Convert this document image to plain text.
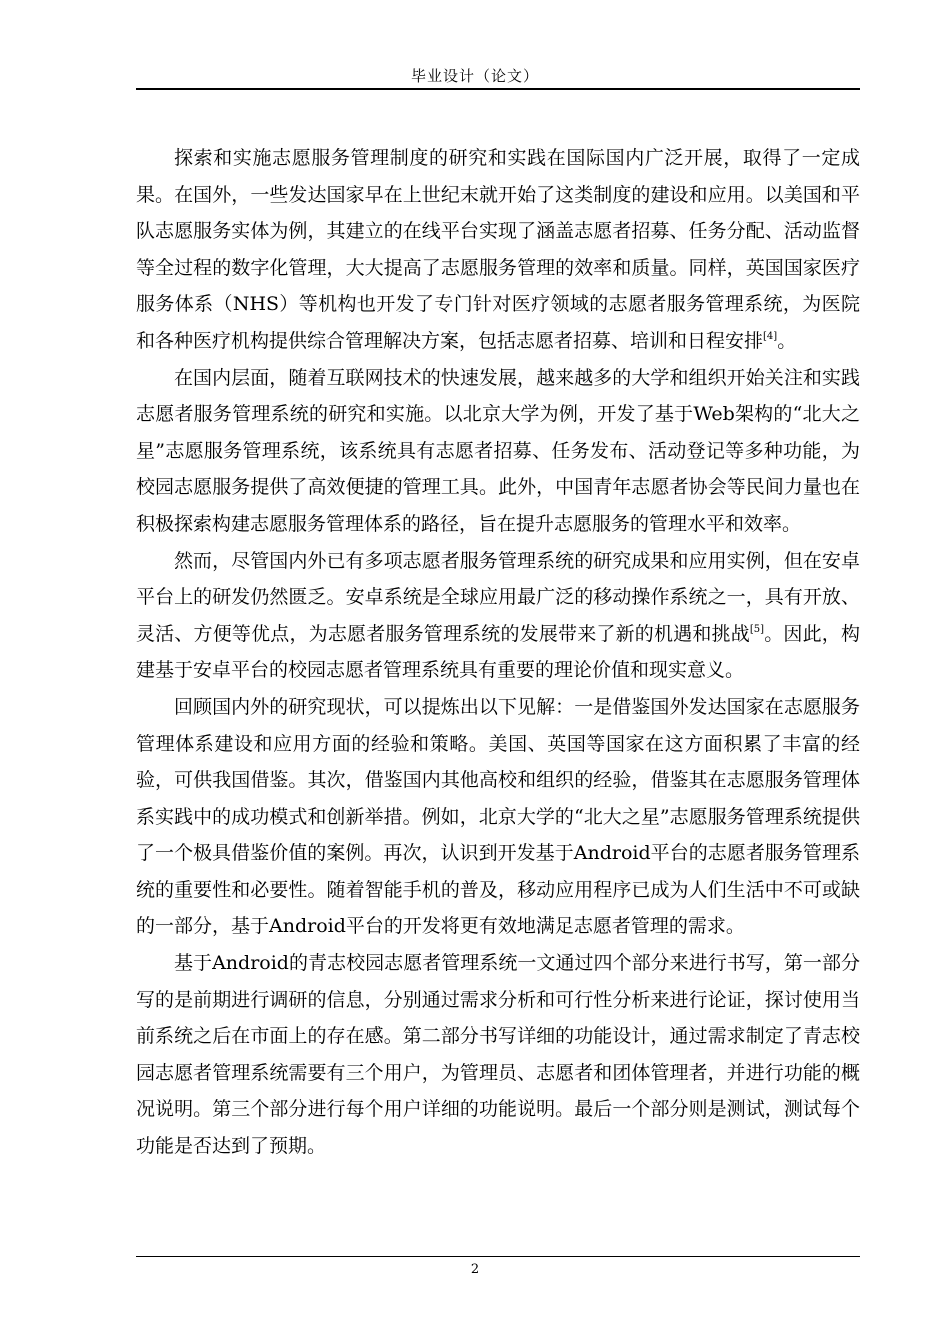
毕业设计（论文）

探索和实施志愿服务管理制度的研究和实践在国际国内广泛开展，取得了一定成果。在国外，一些发达国家早在上世纪末就开始了这类制度的建设和应用。以美国和平队志愿服务实体为例，其建立的在线平台实现了涵盖志愿者招募、任务分配、活动监督等全过程的数字化管理，大大提高了志愿服务管理的效率和质量。同样，英国国家医疗服务体系（NHS）等机构也开发了专门针对医疗领域的志愿者服务管理系统，为医院和各种医疗机构提供综合管理解决方案，包括志愿者招募、培训和日程安排[4]。

在国内层面，随着互联网技术的快速发展，越来越多的大学和组织开始关注和实践志愿者服务管理系统的研究和实施。以北京大学为例，开发了基于Web架构的“北大之星”志愿服务管理系统，该系统具有志愿者招募、任务发布、活动登记等多种功能，为校园志愿服务提供了高效便捷的管理工具。此外，中国青年志愿者协会等民间力量也在积极探索构建志愿服务管理体系的路径，旨在提升志愿服务的管理水平和效率。

然而，尽管国内外已有多项志愿者服务管理系统的研究成果和应用实例，但在安卓平台上的研发仍然匮乏。安卓系统是全球应用最广泛的移动操作系统之一，具有开放、灵活、方便等优点，为志愿者服务管理系统的发展带来了新的机遇和挑战[5]。因此，构建基于安卓平台的校园志愿者管理系统具有重要的理论价值和现实意义。

回顾国内外的研究现状，可以提炼出以下见解：一是借鉴国外发达国家在志愿服务管理体系建设和应用方面的经验和策略。美国、英国等国家在这方面积累了丰富的经验，可供我国借鉴。其次，借鉴国内其他高校和组织的经验，借鉴其在志愿服务管理体系实践中的成功模式和创新举措。例如，北京大学的“北大之星”志愿服务管理系统提供了一个极具借鉴价值的案例。再次，认识到开发基于Android平台的志愿者服务管理系统的重要性和必要性。随着智能手机的普及，移动应用程序已成为人们生活中不可或缺的一部分，基于Android平台的开发将更有效地满足志愿者管理的需求。

基于Android的青志校园志愿者管理系统一文通过四个部分来进行书写，第一部分写的是前期进行调研的信息，分别通过需求分析和可行性分析来进行论证，探讨使用当前系统之后在市面上的存在感。第二部分书写详细的功能设计，通过需求制定了青志校园志愿者管理系统需要有三个用户，为管理员、志愿者和团体管理者，并进行功能的概况说明。第三个部分进行每个用户详细的功能说明。最后一个部分则是测试，测试每个功能是否达到了预期。

2
